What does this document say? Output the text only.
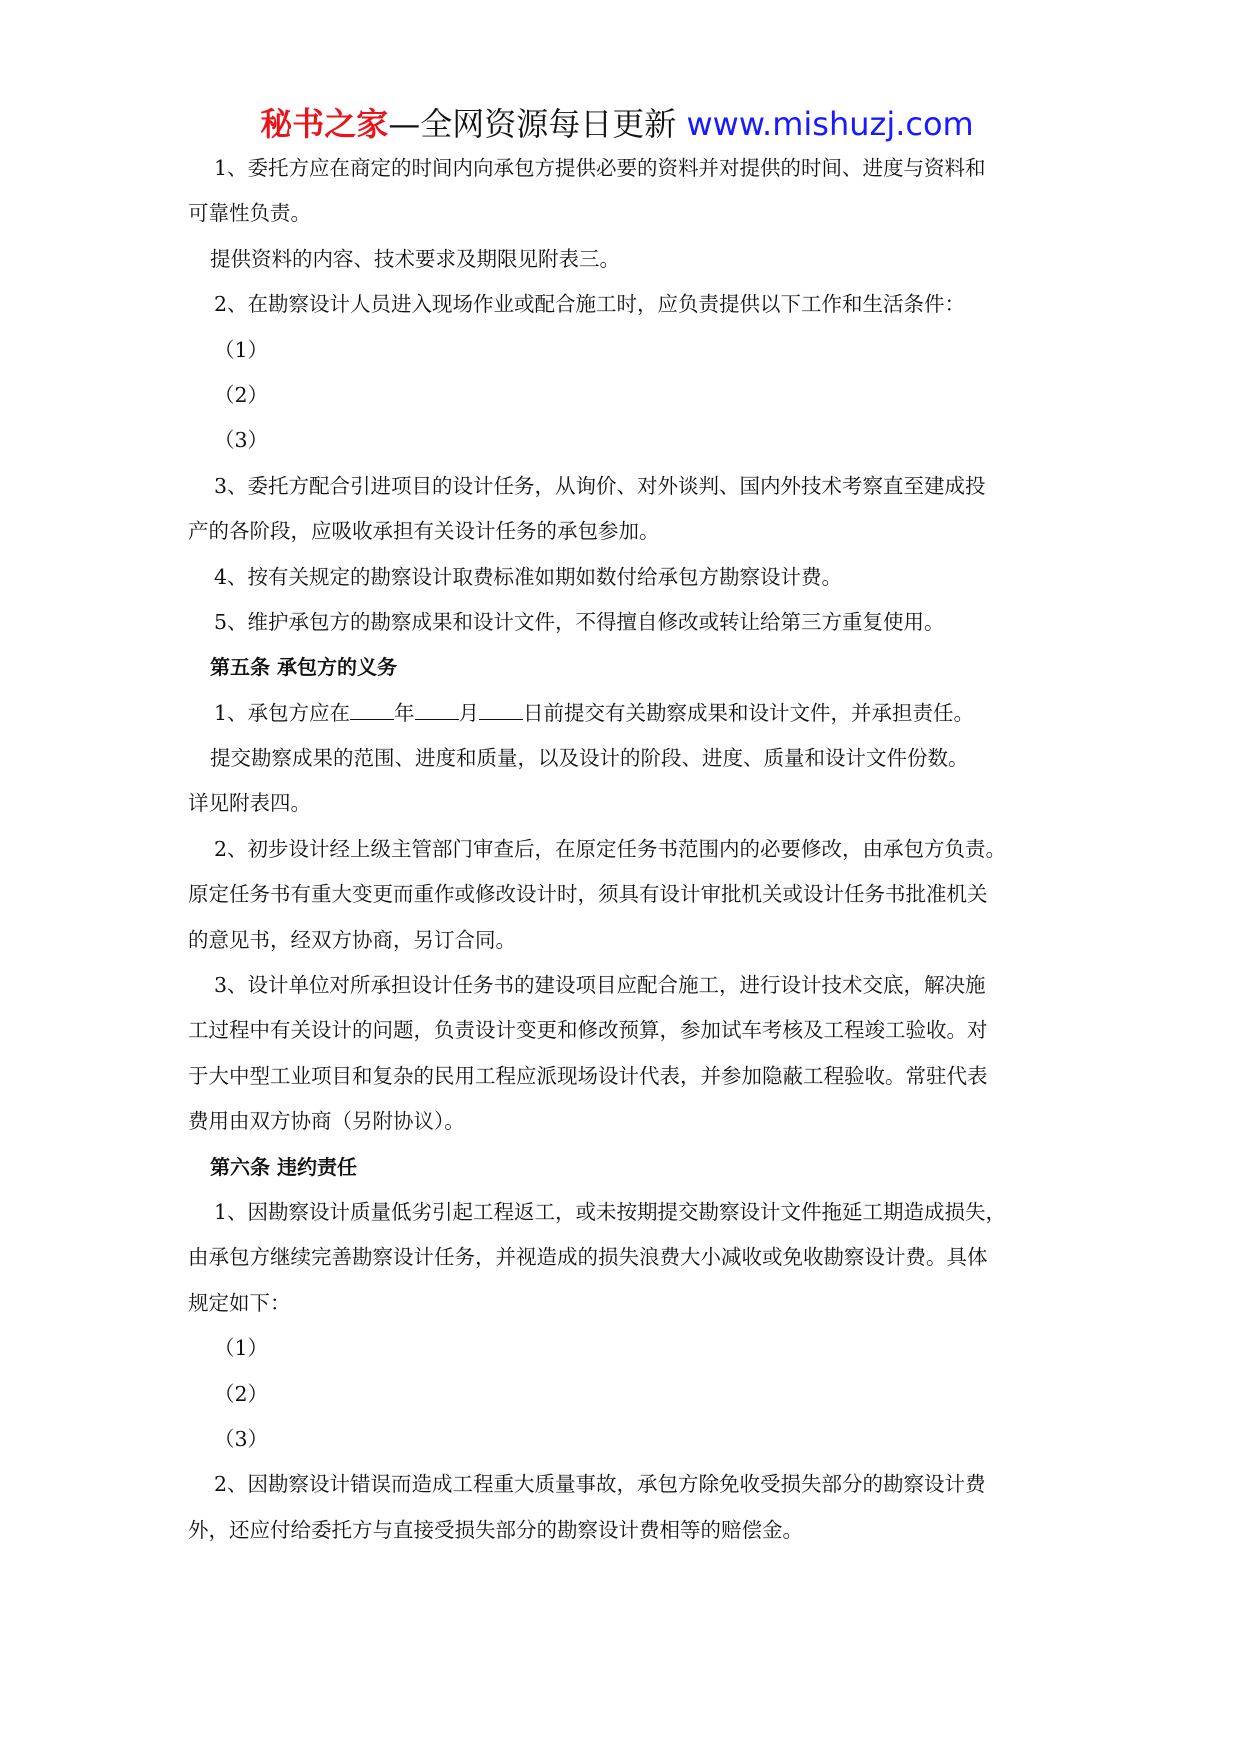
秘书之家—全网资源每日更新 www.mishuzj.com
1、委托方应在商定的时间内向承包方提供必要的资料并对提供的时间、进度与资料和
可靠性负责。
提供资料的内容、技术要求及期限见附表三。
2、在勘察设计人员进入现场作业或配合施工时，应负责提供以下工作和生活条件：
（1）
（2）
（3）
3、委托方配合引进项目的设计任务，从询价、对外谈判、国内外技术考察直至建成投
产的各阶段，应吸收承担有关设计任务的承包参加。
4、按有关规定的勘察设计取费标准如期如数付给承包方勘察设计费。
5、维护承包方的勘察成果和设计文件，不得擅自修改或转让给第三方重复使用。
第五条 承包方的义务
1、承包方应在 年 月 日前提交有关勘察成果和设计文件，并承担责任。
提交勘察成果的范围、进度和质量，以及设计的阶段、进度、质量和设计文件份数。
详见附表四。
2、初步设计经上级主管部门审查后，在原定任务书范围内的必要修改，由承包方负责。
原定任务书有重大变更而重作或修改设计时，须具有设计审批机关或设计任务书批准机关
的意见书，经双方协商，另订合同。
3、设计单位对所承担设计任务书的建设项目应配合施工，进行设计技术交底，解决施
工过程中有关设计的问题，负责设计变更和修改预算，参加试车考核及工程竣工验收。对
于大中型工业项目和复杂的民用工程应派现场设计代表，并参加隐蔽工程验收。常驻代表
费用由双方协商（另附协议）。
第六条 违约责任
1、因勘察设计质量低劣引起工程返工，或未按期提交勘察设计文件拖延工期造成损失，
由承包方继续完善勘察设计任务，并视造成的损失浪费大小减收或免收勘察设计费。具体
规定如下：
（1）
（2）
（3）
2、因勘察设计错误而造成工程重大质量事故，承包方除免收受损失部分的勘察设计费
外，还应付给委托方与直接受损失部分的勘察设计费相等的赔偿金。
